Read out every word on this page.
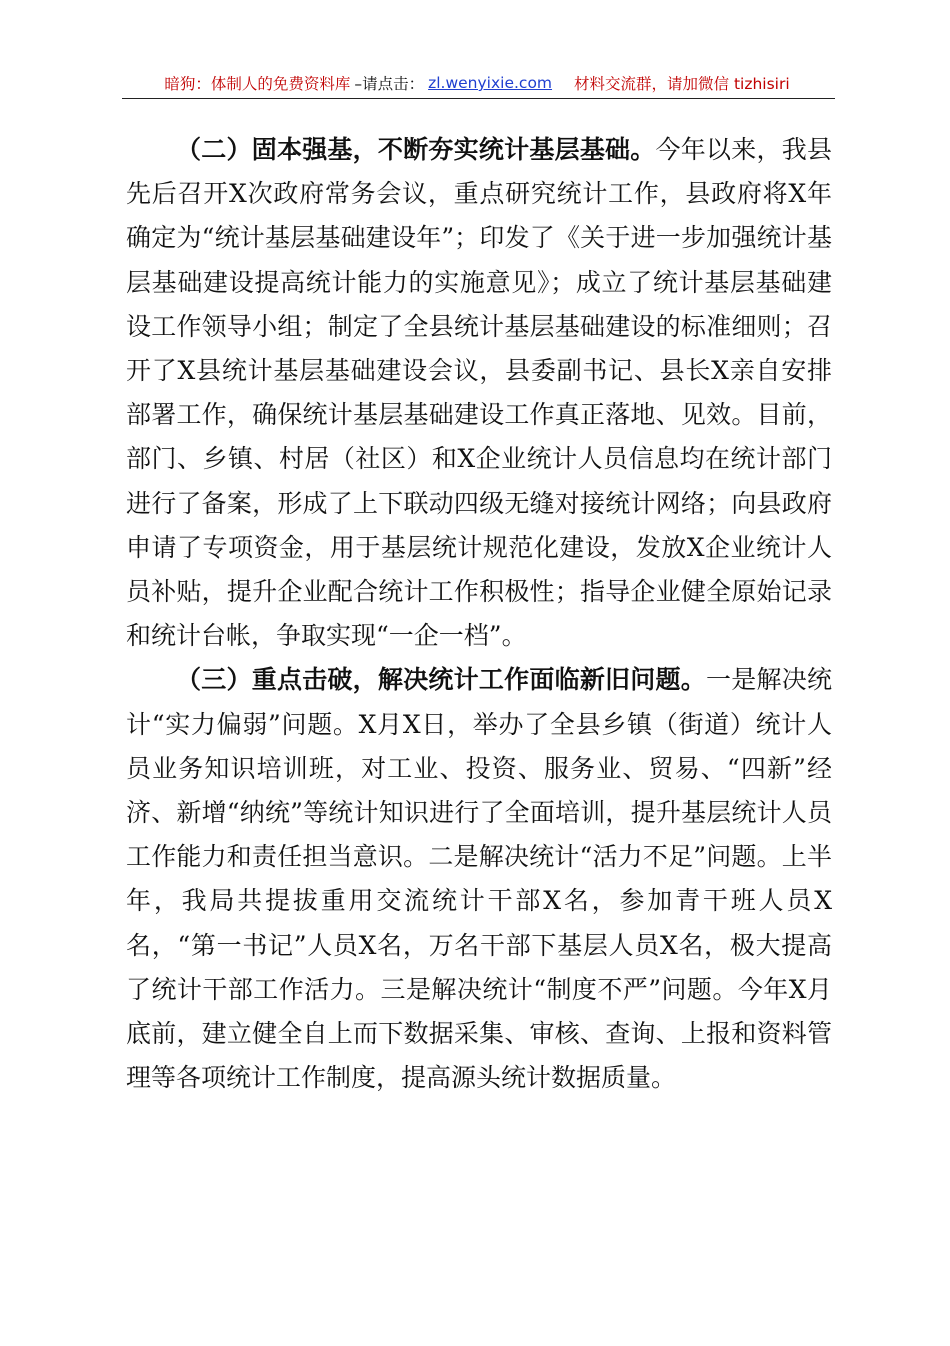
暗狗：体制人的免费资料库 –请点击： zl.wenyixie.com 材料交流群，请加微信 tizhisiri

（二）固本强基，不断夯实统计基层基础。今年以来，我县先后召开X次政府常务会议，重点研究统计工作，县政府将X年确定为“统计基层基础建设年”；印发了《关于进一步加强统计基层基础建设提高统计能力的实施意见》；成立了统计基层基础建设工作领导小组；制定了全县统计基层基础建设的标准细则；召开了X县统计基层基础建设会议，县委副书记、县长X亲自安排部署工作，确保统计基层基础建设工作真正落地、见效。目前，部门、乡镇、村居（社区）和X企业统计人员信息均在统计部门进行了备案，形成了上下联动四级无缝对接统计网络；向县政府申请了专项资金，用于基层统计规范化建设，发放X企业统计人员补贴，提升企业配合统计工作积极性；指导企业健全原始记录和统计台帐，争取实现“一企一档”。

（三）重点击破，解决统计工作面临新旧问题。一是解决统计“实力偏弱”问题。X月X日，举办了全县乡镇（街道）统计人员业务知识培训班，对工业、投资、服务业、贸易、“四新”经济、新增“纳统”等统计知识进行了全面培训，提升基层统计人员工作能力和责任担当意识。二是解决统计“活力不足”问题。上半年，我局共提拔重用交流统计干部X名，参加青干班人员X名，“第一书记”人员X名，万名干部下基层人员X名，极大提高了统计干部工作活力。三是解决统计“制度不严”问题。今年X月底前，建立健全自上而下数据采集、审核、查询、上报和资料管理等各项统计工作制度，提高源头统计数据质量。
